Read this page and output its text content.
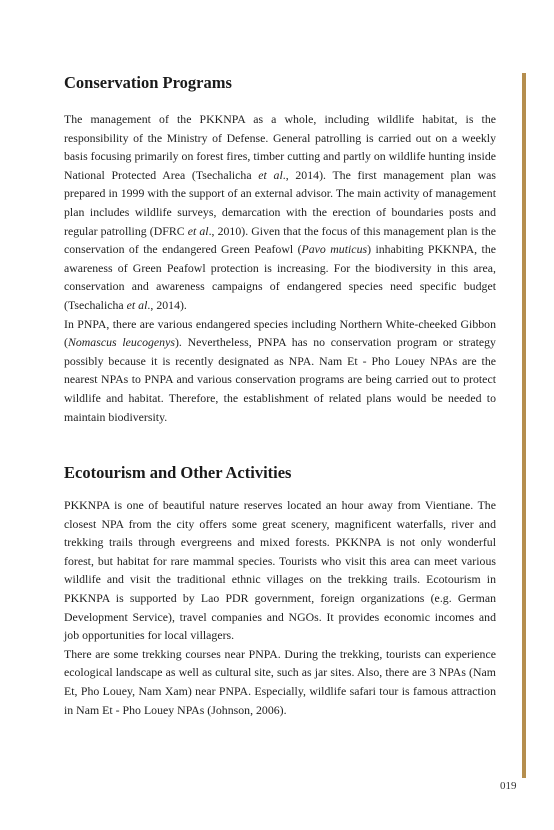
Conservation Programs

The management of the PKKNPA as a whole, including wildlife habitat, is the responsibility of the Ministry of Defense. General patrolling is carried out on a weekly basis focusing primarily on forest fires, timber cutting and partly on wildlife hunting inside National Protected Area (Tsechalicha et al., 2014). The first management plan was prepared in 1999 with the support of an external advisor. The main activity of management plan includes wildlife surveys, demarcation with the erection of boundaries posts and regular patrolling (DFRC et al., 2010). Given that the focus of this management plan is the conservation of the endangered Green Peafowl (Pavo muticus) inhabiting PKKNPA, the awareness of Green Peafowl protection is increasing. For the biodiversity in this area, conservation and awareness campaigns of endangered species need specific budget (Tsechalicha et al., 2014).

In PNPA, there are various endangered species including Northern White-cheeked Gibbon (Nomascus leucogenys). Nevertheless, PNPA has no conservation program or strategy possibly because it is recently designated as NPA. Nam Et - Pho Louey NPAs are the nearest NPAs to PNPA and various conservation programs are being carried out to protect wildlife and habitat. Therefore, the establishment of related plans would be needed to maintain biodiversity.

Ecotourism and Other Activities

PKKNPA is one of beautiful nature reserves located an hour away from Vientiane. The closest NPA from the city offers some great scenery, magnificent waterfalls, river and trekking trails through evergreens and mixed forests. PKKNPA is not only wonderful forest, but habitat for rare mammal species. Tourists who visit this area can meet various wildlife and visit the traditional ethnic villages on the trekking trails. Ecotourism in PKKNPA is supported by Lao PDR government, foreign organizations (e.g. German Development Service), travel companies and NGOs. It provides economic incomes and job opportunities for local villagers.

There are some trekking courses near PNPA. During the trekking, tourists can experience ecological landscape as well as cultural site, such as jar sites. Also, there are 3 NPAs (Nam Et, Pho Louey, Nam Xam) near PNPA. Especially, wildlife safari tour is famous attraction in Nam Et - Pho Louey NPAs (Johnson, 2006).

019
